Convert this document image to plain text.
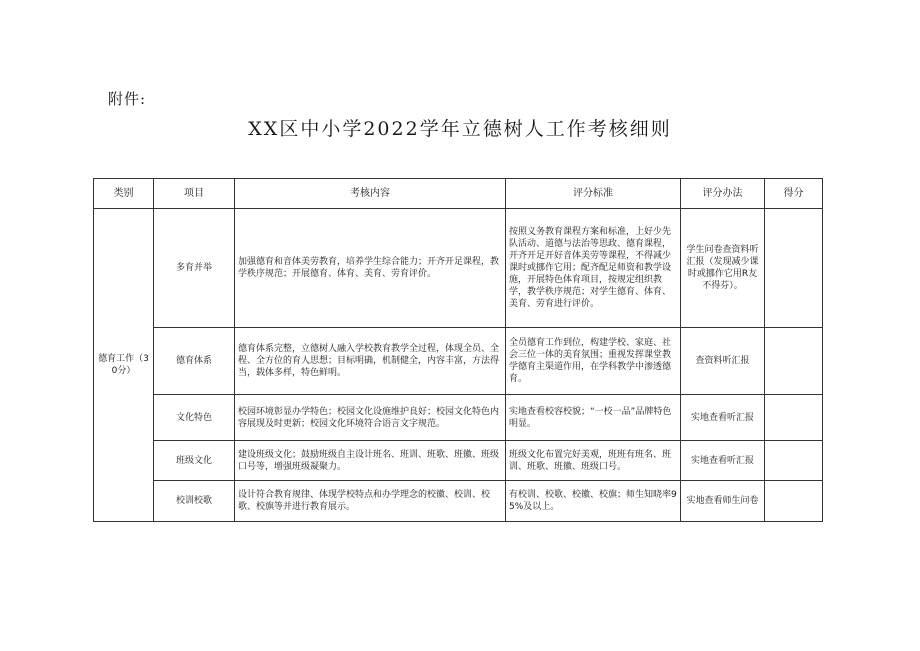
附件:
XX区中小学2022学年立德树人工作考核细则
类别	项目	考核内容	评分标准	评分办法	得分
德育工作（30分）	多育并举	加强德育和音体美劳教育，培养学生综合能力；开齐开足课程，教学秩序规范；开展德育、体育、美育、劳育评价。	按照义务教育课程方案和标准，上好少先队活动、道德与法治等思政、德育课程，开齐开足开好音体美劳等课程，不得减少课时或挪作它用；配齐配足师资和教学设施，开展特色体育项目，按规定组织教学，教学秩序规范；对学生德育、体育、美育、劳育进行评价。	学生问卷查资料听汇报（发现减少课时或挪作它用R友不得芬）。	
	德育体系	德育体系完整，立德树人融入学校教育教学全过程，体现全员、全程、全方位的育人思想；目标明确，机制健全，内容丰富，方法得当，载体多样，特色鲜明。	全员德育工作到位，构建学校、家庭、社会三位一体的美育氛围；重视发挥课堂教学德育主渠道作用，在学科教学中渗透德育。	查资料听汇报	
	文化特色	校园环境彰显办学特色；校园文化设施维护良好；校园文化特色内容展现及时更新；校园文化环境符合语言文字规范。	实地查看校容校貌；“一校一品”品牌特色明显。	实地查看听汇报	
	班级文化	建设班级文化；鼓励班级自主设计班名、班训、班歌、班徽、班级口号等，增强班级凝聚力。	班级文化布置完好美观，班班有班名、班训、班歌、班徽、班级口号。	实地查看听汇报	
	校训校歌	设计符合教育规律、体现学校特点和办学理念的校徽、校训、校歌、校旗等并进行教育展示。	有校训、校歌、校徽、校旗；师生知晓率95%及以上。	实地查看师生问卷	
